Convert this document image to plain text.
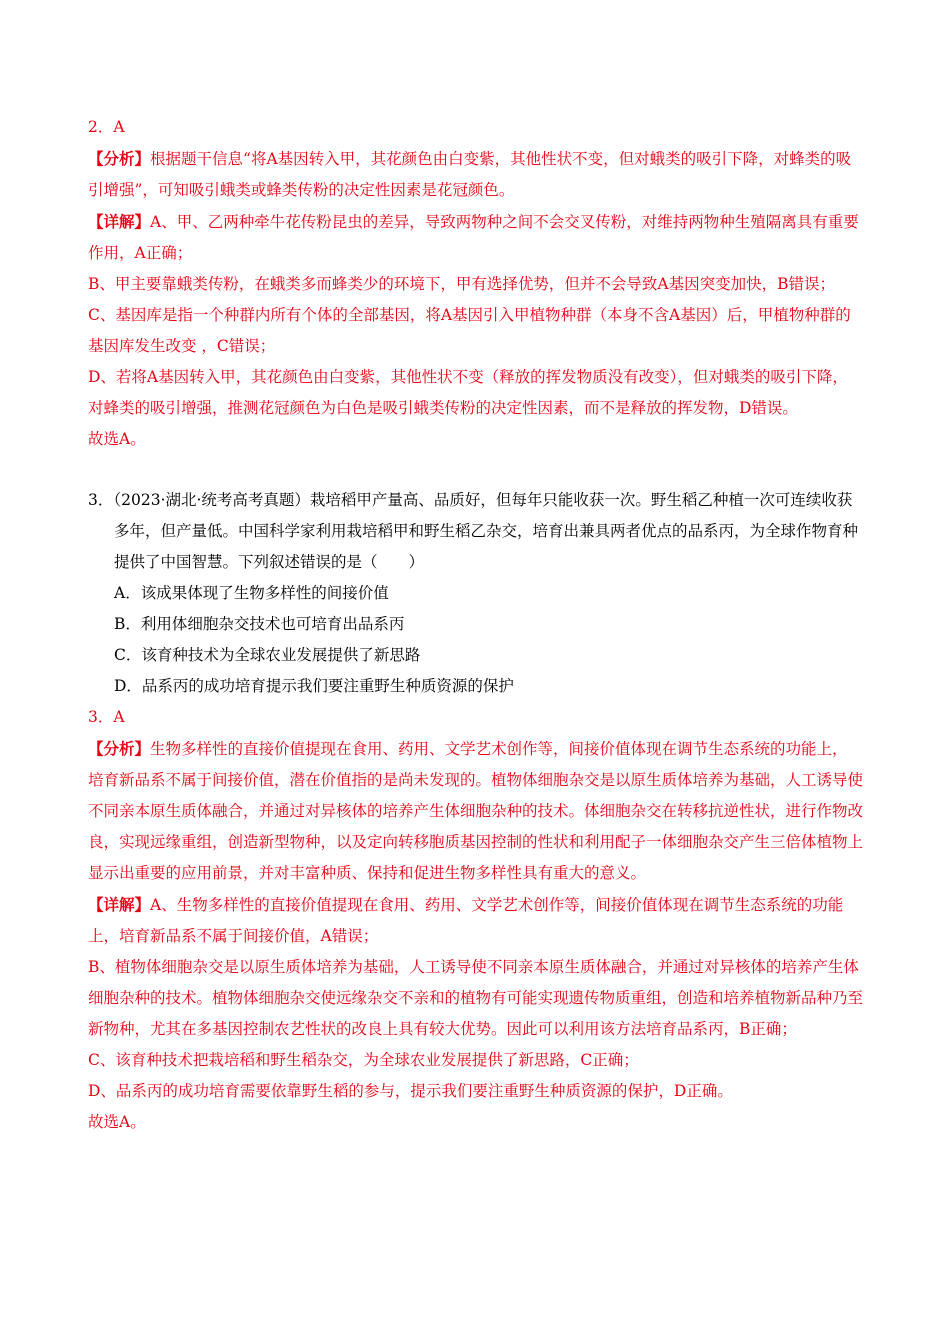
2．A

【分析】根据题干信息“将A基因转入甲，其花颜色由白变紫，其他性状不变，但对蛾类的吸引下降，对蜂类的吸引增强”，可知吸引蛾类或蜂类传粉的决定性因素是花冠颜色。

【详解】A、甲、乙两种牵牛花传粉昆虫的差异，导致两物种之间不会交叉传粉，对维持两物种生殖隔离具有重要作用，A正确；

B、甲主要靠蛾类传粉，在蛾类多而蜂类少的环境下，甲有选择优势，但并不会导致A基因突变加快，B错误；

C、基因库是指一个种群内所有个体的全部基因，将A基因引入甲植物种群（本身不含A基因）后，甲植物种群的基因库发生改变 ，C错误；

D、若将A基因转入甲，其花颜色由白变紫，其他性状不变（释放的挥发物质没有改变），但对蛾类的吸引下降，对蜂类的吸引增强，推测花冠颜色为白色是吸引蛾类传粉的决定性因素，而不是释放的挥发物，D错误。

故选A。

3．（2023·湖北·统考高考真题）栽培稻甲产量高、品质好，但每年只能收获一次。野生稻乙种植一次可连续收获多年，但产量低。中国科学家利用栽培稻甲和野生稻乙杂交，培育出兼具两者优点的品系丙，为全球作物育种提供了中国智慧。下列叙述错误的是（　　）

A．该成果体现了生物多样性的间接价值

B．利用体细胞杂交技术也可培育出品系丙

C．该育种技术为全球农业发展提供了新思路

D．品系丙的成功培育提示我们要注重野生种质资源的保护

3．A

【分析】生物多样性的直接价值提现在食用、药用、文学艺术创作等，间接价值体现在调节生态系统的功能上，培育新品系不属于间接价值，潜在价值指的是尚未发现的。植物体细胞杂交是以原生质体培养为基础，人工诱导使不同亲本原生质体融合，并通过对异核体的培养产生体细胞杂种的技术。体细胞杂交在转移抗逆性状，进行作物改良，实现远缘重组，创造新型物种，以及定向转移胞质基因控制的性状和利用配子一体细胞杂交产生三倍体植物上显示出重要的应用前景，并对丰富种质、保持和促进生物多样性具有重大的意义。

【详解】A、生物多样性的直接价值提现在食用、药用、文学艺术创作等，间接价值体现在调节生态系统的功能上，培育新品系不属于间接价值，A错误；

B、植物体细胞杂交是以原生质体培养为基础，人工诱导使不同亲本原生质体融合，并通过对异核体的培养产生体细胞杂种的技术。植物体细胞杂交使远缘杂交不亲和的植物有可能实现遗传物质重组，创造和培养植物新品种乃至新物种，尤其在多基因控制农艺性状的改良上具有较大优势。因此可以利用该方法培育品系丙，B正确；

C、该育种技术把栽培稻和野生稻杂交，为全球农业发展提供了新思路，C正确；

D、品系丙的成功培育需要依靠野生稻的参与，提示我们要注重野生种质资源的保护，D正确。

故选A。
